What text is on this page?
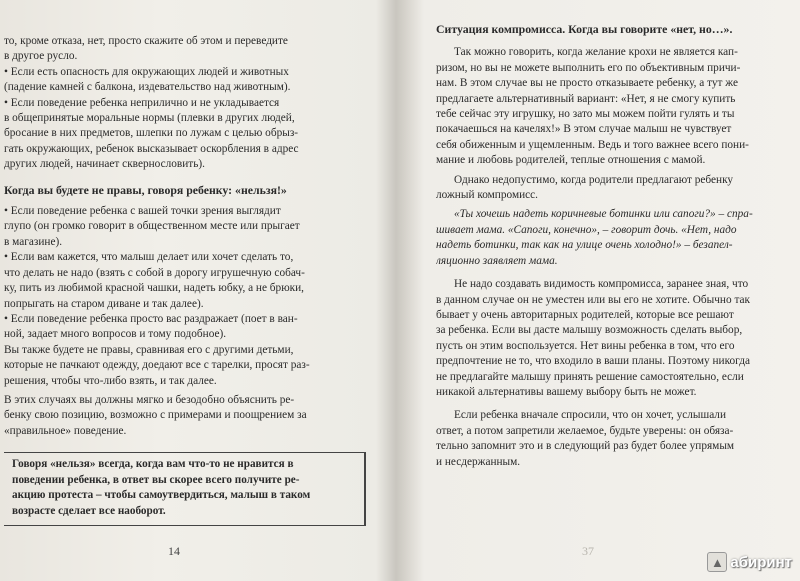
то, кроме отказа, нет, просто скажите об этом и переведите
в другое русло.
• Если есть опасность для окружающих людей и животных
(падение камней с балкона, издевательство над животным).
• Если поведение ребенка неприлично и не укладывается
в общепринятые моральные нормы (плевки в других людей,
бросание в них предметов, шлепки по лужам с целью обрыз-
гать окружающих, ребенок высказывает оскорбления в адрес
других людей, начинает сквернословить).
Когда вы будете не правы, говоря ребенку: «нельзя!»
• Если поведение ребенка с вашей точки зрения выглядит
глупо (он громко говорит в общественном месте или прыгает
в магазине).
• Если вам кажется, что малыш делает или хочет сделать то,
что делать не надо (взять с собой в дорогу игрушечную собач-
ку, пить из любимой красной чашки, надеть юбку, а не брюки,
попрыгать на старом диване и так далее).
• Если поведение ребенка просто вас раздражает (поет в ван-
ной, задает много вопросов и тому подобное).
Вы также будете не правы, сравнивая его с другими детьми,
которые не пачкают одежду, доедают все с тарелки, просят раз-
решения, чтобы что-либо взять, и так далее.
В этих случаях вы должны мягко и безодобно объяснить ре-
бенку свою позицию, возможно с примерами и поощрением за
«правильное» поведение.
Говоря «нельзя» всегда, когда вам что-то не нравится в
поведении ребенка, в ответ вы скорее всего получите ре-
акцию протеста – чтобы самоутвердиться, малыш в таком
возрасте сделает все наоборот.
14
Ситуация компромисса. Когда вы говорите «нет, но…».
Так можно говорить, когда желание крохи не является кап-
ризом, но вы не можете выполнить его по объективным причи-
нам. В этом случае вы не просто отказываете ребенку, а тут же
предлагаете альтернативный вариант: «Нет, я не смогу купить
тебе сейчас эту игрушку, но зато мы можем пойти гулять и ты
покачаешься на качелях!» В этом случае малыш не чувствует
себя обиженным и ущемленным. Ведь и того важнее всего пони-
мание и любовь родителей, теплые отношения с мамой.
Однако недопустимо, когда родители предлагают ребенку
ложный компромисс.
«Ты хочешь надеть коричневые ботинки или сапоги?» – спра-
шивает мама. «Сапоги, конечно», – говорит дочь. «Нет, надо
надеть ботинки, так как на улице очень холодно!» – безапел-
ляционно заявляет мама.
Не надо создавать видимость компромисса, заранее зная, что
в данном случае он не уместен или вы его не хотите. Обычно так
бывает у очень авторитарных родителей, которые все решают
за ребенка. Если вы дасте малышу возможность сделать выбор,
пусть он этим воспользуется. Нет вины ребенка в том, что его
предпочтение не то, что входило в ваши планы. Поэтому никогда
не предлагайте малышу принять решение самостоятельно, если
никакой альтернативы вашему выбору быть не может.
Если ребенка вначале спросили, что он хочет, услышали
ответ, а потом запретили желаемое, будьте уверены: он обяза-
тельно запомнит это и в следующий раз будет более упрямым
и несдержанным.
37
▲ абиринт
